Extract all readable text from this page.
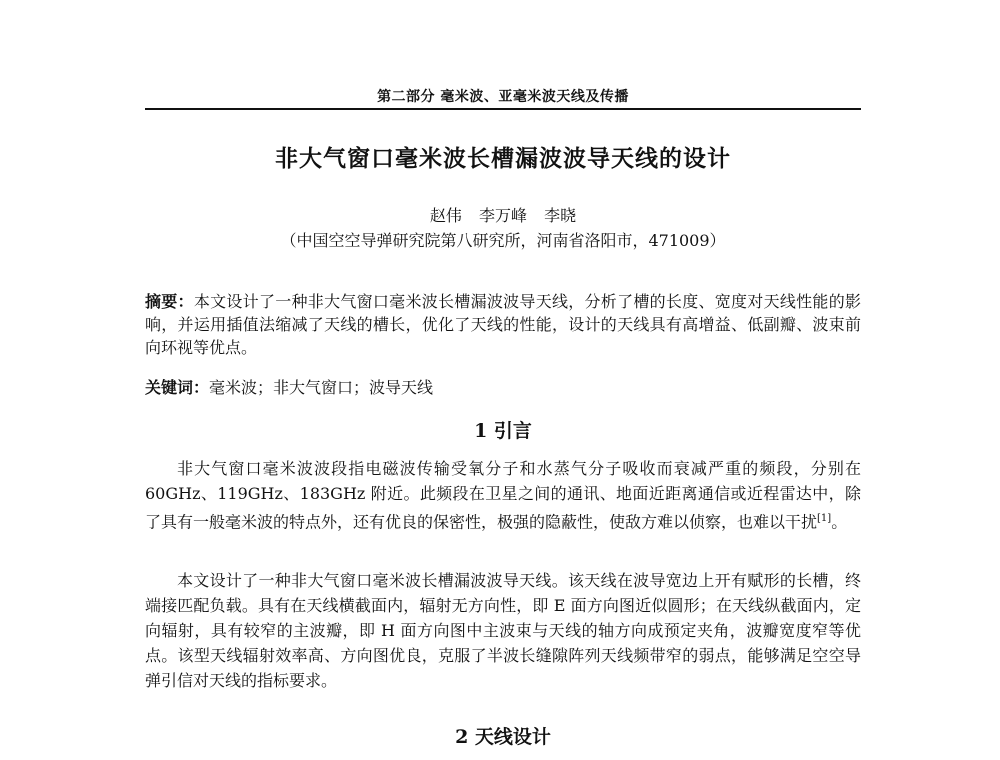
第二部分 毫米波、亚毫米波天线及传播
非大气窗口毫米波长槽漏波波导天线的设计
赵伟 李万峰 李晓
（中国空空导弹研究院第八研究所，河南省洛阳市，471009）
摘要：本文设计了一种非大气窗口毫米波长槽漏波波导天线，分析了槽的长度、宽度对天线性能的影响，并运用插值法缩减了天线的槽长，优化了天线的性能，设计的天线具有高增益、低副瓣、波束前向环视等优点。
关键词：毫米波；非大气窗口；波导天线
1 引言

非大气窗口毫米波波段指电磁波传输受氧分子和水蒸气分子吸收而衰减严重的频段，分别在 60GHz、119GHz、183GHz 附近。此频段在卫星之间的通讯、地面近距离通信或近程雷达中，除了具有一般毫米波的特点外，还有优良的保密性，极强的隐蔽性，使敌方难以侦察，也难以干扰[1]。

本文设计了一种非大气窗口毫米波长槽漏波波导天线。该天线在波导宽边上开有赋形的长槽，终端接匹配负载。具有在天线横截面内，辐射无方向性，即 E 面方向图近似圆形；在天线纵截面内，定向辐射，具有较窄的主波瓣，即 H 面方向图中主波束与天线的轴方向成预定夹角，波瓣宽度窄等优点。该型天线辐射效率高、方向图优良，克服了半波长缝隙阵列天线频带窄的弱点，能够满足空空导弹引信对天线的指标要求。

2 天线设计
